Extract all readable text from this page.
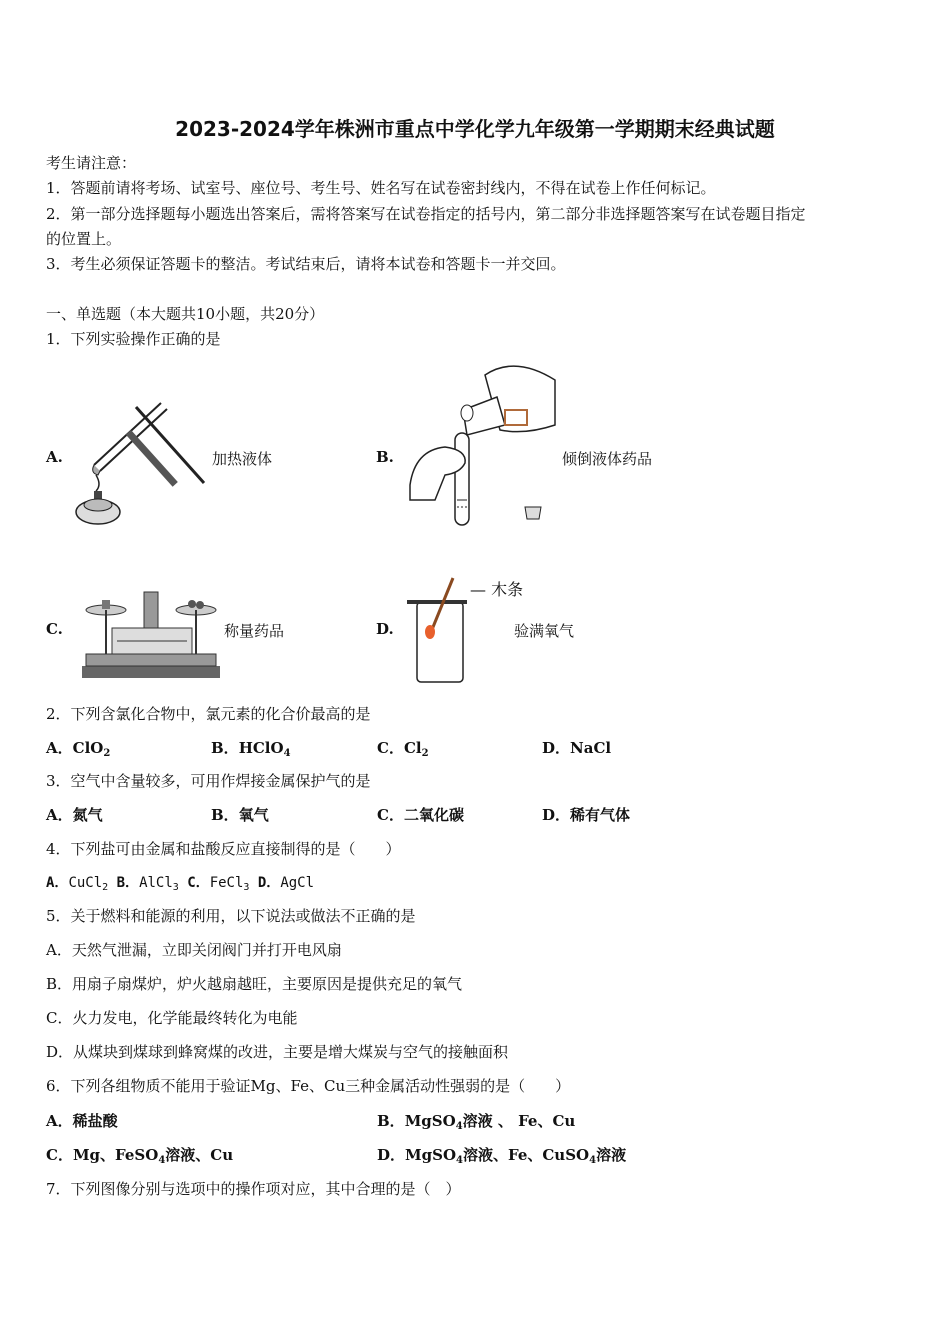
2023-2024学年株洲市重点中学化学九年级第一学期期末经典试题
考生请注意：
1．答题前请将考场、试室号、座位号、考生号、姓名写在试卷密封线内，不得在试卷上作任何标记。
2．第一部分选择题每小题选出答案后，需将答案写在试卷指定的括号内，第二部分非选择题答案写在试卷题目指定
的位置上。
3．考生必须保证答题卡的整洁。考试结束后，请将本试卷和答题卡一并交回。
一、单选题（本大题共10小题，共20分）
1．下列实验操作正确的是
A.	加热液体	B.	倾倒液体药品
C.	称量药品	D.
— 木条
验满氧气
2．下列含氯化合物中，氯元素的化合价最高的是
A．ClO$_2$	B．HClO$_4$	C．$Cl_2$	D．NaCl
3．空气中含量较多，可用作焊接金属保护气的是
A．氮气	B．氧气	C．二氧化碳	D．稀有气体
4．下列盐可由金属和盐酸反应直接制得的是（　　）
A．CuCl$_2$ B．AlCl$_3$ C．FeCl$_3$ D．AgCl
5．关于燃料和能源的利用，以下说法或做法不正确的是
A．天然气泄漏，立即关闭阀门并打开电风扇
B．用扇子扇煤炉，炉火越扇越旺，主要原因是提供充足的氧气
C．火力发电，化学能最终转化为电能
D．从煤块到煤球到蜂窝煤的改进，主要是增大煤炭与空气的接触面积
6．下列各组物质不能用于验证Mg、Fe、Cu三种金属活动性强弱的是（　　）
A．稀盐酸	B．MgSO$_4$溶液 、 Fe、Cu
C．Mg、FeSO$_4$溶液、Cu	D．MgSO$_4$溶液、Fe、CuSO$_4$溶液
7．下列图像分别与选项中的操作项对应，其中合理的是（　）
